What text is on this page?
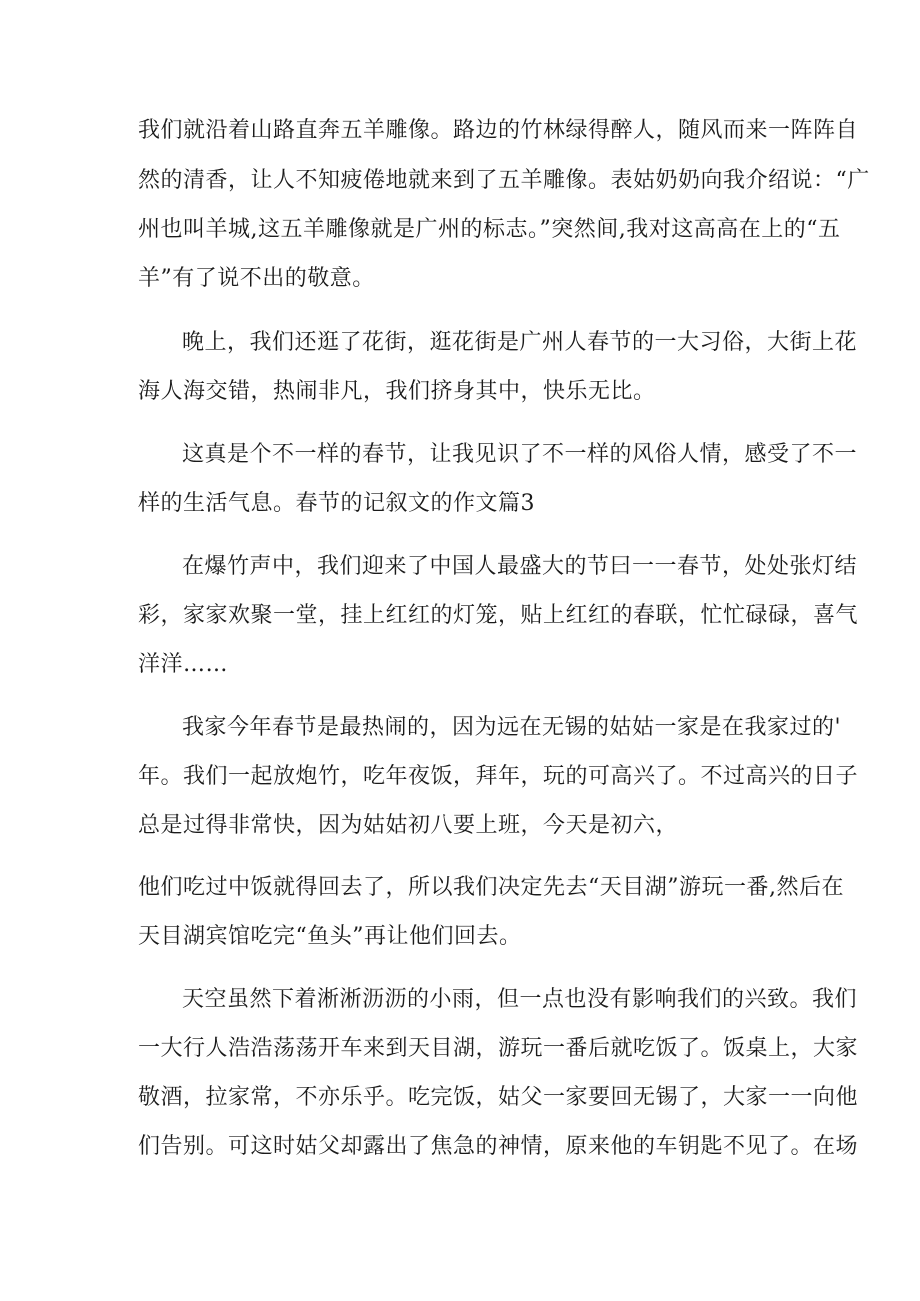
我们就沿着山路直奔五羊雕像。路边的竹林绿得醉人，随风而来一阵阵自
然的清香，让人不知疲倦地就来到了五羊雕像。表姑奶奶向我介绍说：“广
州也叫羊城,这五羊雕像就是广州的标志。”突然间,我对这高高在上的“五
羊”有了说不出的敬意。
晚上，我们还逛了花街，逛花街是广州人春节的一大习俗，大街上花
海人海交错，热闹非凡，我们挤身其中，快乐无比。
这真是个不一样的春节，让我见识了不一样的风俗人情，感受了不一
样的生活气息。春节的记叙文的作文篇3
在爆竹声中，我们迎来了中国人最盛大的节曰一一春节，处处张灯结
彩，家家欢聚一堂，挂上红红的灯笼，贴上红红的春联，忙忙碌碌，喜气
洋洋……
我家今年春节是最热闹的，因为远在无锡的姑姑一家是在我家过的'
年。我们一起放炮竹，吃年夜饭，拜年，玩的可高兴了。不过高兴的日子
总是过得非常快，因为姑姑初八要上班，今天是初六，
他们吃过中饭就得回去了，所以我们决定先去“天目湖”游玩一番,然后在
天目湖宾馆吃完“鱼头”再让他们回去。
天空虽然下着淅淅沥沥的小雨，但一点也没有影响我们的兴致。我们
一大行人浩浩荡荡开车来到天目湖，游玩一番后就吃饭了。饭桌上，大家
敬酒，拉家常，不亦乐乎。吃完饭，姑父一家要回无锡了，大家一一向他
们告别。可这时姑父却露出了焦急的神情，原来他的车钥匙不见了。在场
